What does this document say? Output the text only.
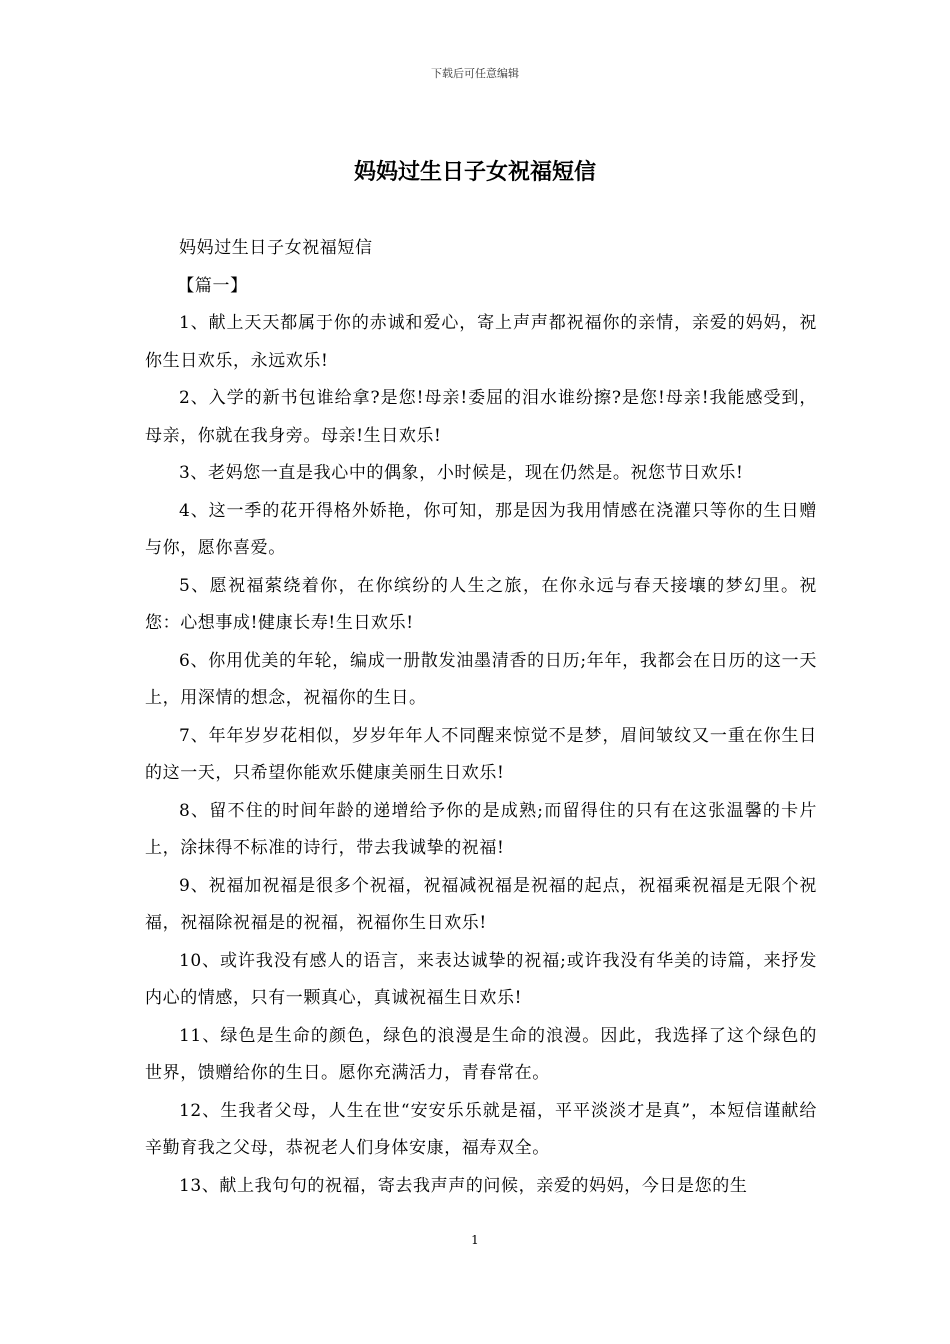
下载后可任意编辑
妈妈过生日子女祝福短信

妈妈过生日子女祝福短信

【篇一】

1、献上天天都属于你的赤诚和爱心，寄上声声都祝福你的亲情，亲爱的妈妈，祝你生日欢乐，永远欢乐!

2、入学的新书包谁给拿?是您!母亲!委屈的泪水谁纷擦?是您!母亲!我能感受到，母亲，你就在我身旁。母亲!生日欢乐!

3、老妈您一直是我心中的偶象，小时候是，现在仍然是。祝您节日欢乐!

4、这一季的花开得格外娇艳，你可知，那是因为我用情感在浇灌只等你的生日赠与你，愿你喜爱。

5、愿祝福萦绕着你，在你缤纷的人生之旅，在你永远与春天接壤的梦幻里。祝您：心想事成!健康长寿!生日欢乐!

6、你用优美的年轮，编成一册散发油墨清香的日历;年年，我都会在日历的这一天上，用深情的想念，祝福你的生日。

7、年年岁岁花相似，岁岁年年人不同醒来惊觉不是梦，眉间皱纹又一重在你生日的这一天，只希望你能欢乐健康美丽生日欢乐!

8、留不住的时间年龄的递增给予你的是成熟;而留得住的只有在这张温馨的卡片上，涂抹得不标准的诗行，带去我诚挚的祝福!

9、祝福加祝福是很多个祝福，祝福减祝福是祝福的起点，祝福乘祝福是无限个祝福，祝福除祝福是的祝福，祝福你生日欢乐!

10、或许我没有感人的语言，来表达诚挚的祝福;或许我没有华美的诗篇，来抒发内心的情感，只有一颗真心，真诚祝福生日欢乐!

11、绿色是生命的颜色，绿色的浪漫是生命的浪漫。因此，我选择了这个绿色的世界，馈赠给你的生日。愿你充满活力，青春常在。

12、生我者父母，人生在世“安安乐乐就是福，平平淡淡才是真”，本短信谨献给辛勤育我之父母，恭祝老人们身体安康，福寿双全。

13、献上我句句的祝福，寄去我声声的问候，亲爱的妈妈，今日是您的生

1
